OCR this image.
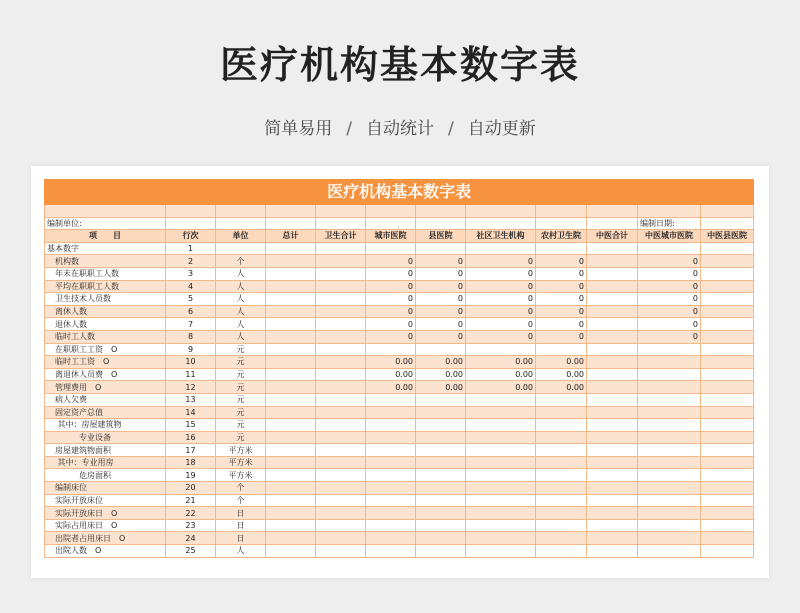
医疗机构基本数字表
简单易用 / 自动统计 / 自动更新
医疗机构基本数字表											

编制单位:										编制日期:	
项　　目	行次	单位	总计	卫生合计	城市医院	县医院	社区卫生机构	农村卫生院	中医合计	中医城市医院	中医县医院
基本数字	1										
　机构数	2	个			0	0	0	0		0	
　年末在职职工人数	3	人			0	0	0	0		0	
　平均在职职工人数	4	人			0	0	0	0		0	
　卫生技术人员数	5	人			0	0	0	0		0	
　离休人数	6	人			0	0	0	0		0	
　退休人数	7	人			0	0	0	0		0	
　临时工人数	8	人			0	0	0	0		0	
　在职职工工资 O	9	元									
　临时工工资 O	10	元			0.00	0.00	0.00	0.00			
　离退休人员费 O	11	元			0.00	0.00	0.00	0.00			
　管理费用 O	12	元			0.00	0.00	0.00	0.00			
　病人欠费	13	元									
　固定资产总值	14	元									
　 其中：房屋建筑物	15	元									
　　　　专业设备	16	元									
　房屋建筑物面积	17	平方米									
　 其中：专业用房	18	平方米									
　　　　危房面积	19	平方米									
　编制床位	20	个									
　实际开放床位	21	个									
　实际开放床日 O	22	日									
　实际占用床日 O	23	日									
　出院者占用床日 O	24	日									
　出院人数 O	25	人									
